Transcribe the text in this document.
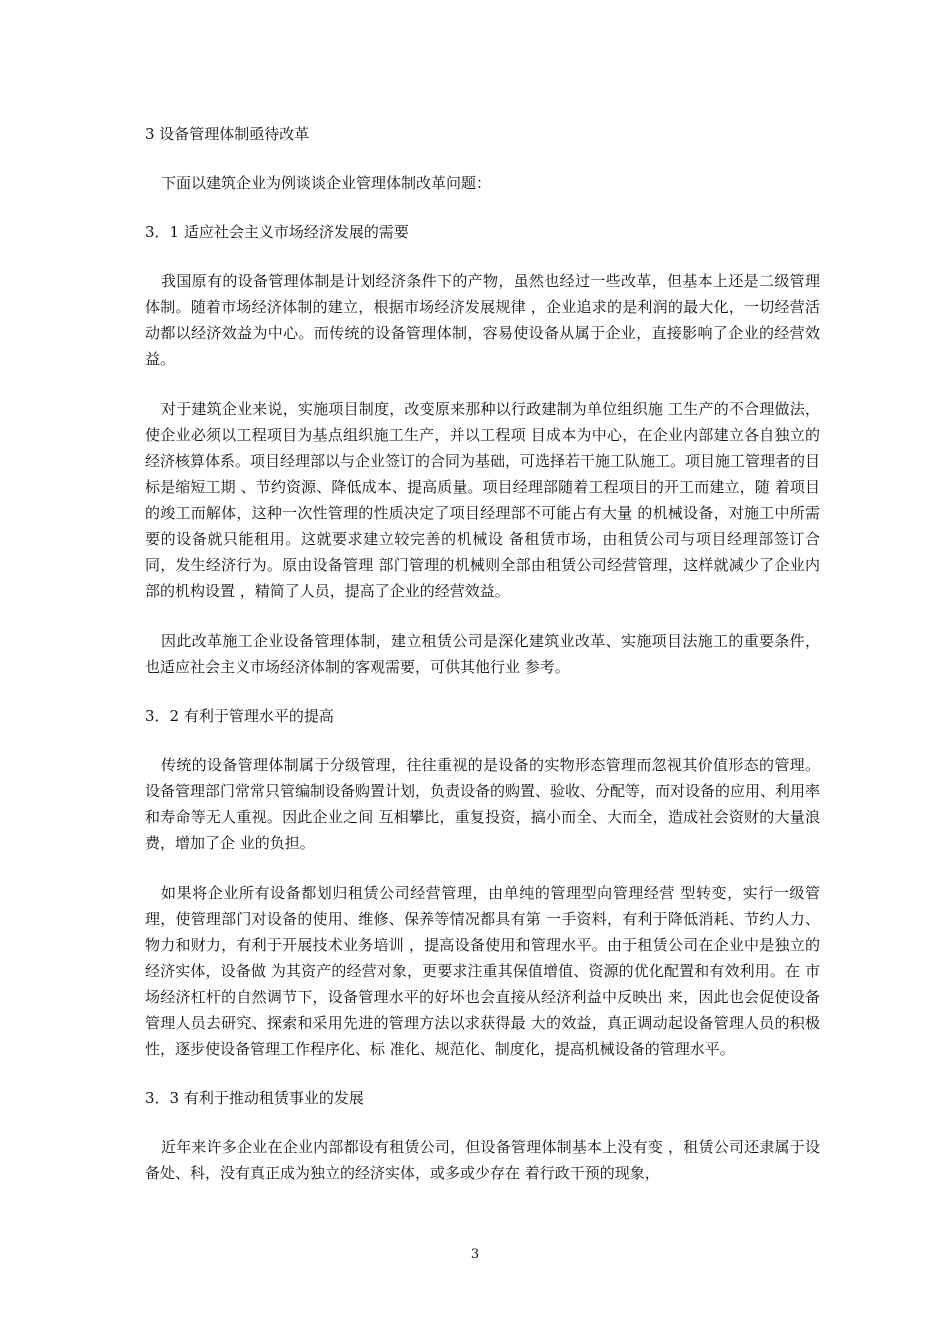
3 设备管理体制亟待改革

下面以建筑企业为例谈谈企业管理体制改革问题：

3．1 适应社会主义市场经济发展的需要

我国原有的设备管理体制是计划经济条件下的产物，虽然也经过一些改革，但基本上还是二级管理体制。随着市场经济体制的建立，根据市场经济发展规律 ，企业追求的是利润的最大化，一切经营活动都以经济效益为中心。而传统的设备管理体制，容易使设备从属于企业，直接影响了企业的经营效益。

对于建筑企业来说，实施项目制度，改变原来那种以行政建制为单位组织施 工生产的不合理做法，使企业必须以工程项目为基点组织施工生产，并以工程项 目成本为中心，在企业内部建立各自独立的经济核算体系。项目经理部以与企业签订的合同为基础，可选择若干施工队施工。项目施工管理者的目标是缩短工期 、节约资源、降低成本、提高质量。项目经理部随着工程项目的开工而建立，随 着项目的竣工而解体，这种一次性管理的性质决定了项目经理部不可能占有大量 的机械设备，对施工中所需要的设备就只能租用。这就要求建立较完善的机械设 备租赁市场，由租赁公司与项目经理部签订合同，发生经济行为。原由设备管理 部门管理的机械则全部由租赁公司经营管理，这样就减少了企业内部的机构设置 ，精简了人员，提高了企业的经营效益。

因此改革施工企业设备管理体制，建立租赁公司是深化建筑业改革、实施项目法施工的重要条件，也适应社会主义市场经济体制的客观需要，可供其他行业 参考。

3．2 有利于管理水平的提高

传统的设备管理体制属于分级管理，往往重视的是设备的实物形态管理而忽视其价值形态的管理。设备管理部门常常只管编制设备购置计划，负责设备的购置、验收、分配等，而对设备的应用、利用率和寿命等无人重视。因此企业之间 互相攀比，重复投资，搞小而全、大而全，造成社会资财的大量浪费，增加了企 业的负担。

如果将企业所有设备都划归租赁公司经营管理，由单纯的管理型向管理经营 型转变，实行一级管理，使管理部门对设备的使用、维修、保养等情况都具有第 一手资料，有利于降低消耗、节约人力、物力和财力，有利于开展技术业务培训 ，提高设备使用和管理水平。由于租赁公司在企业中是独立的经济实体，设备做 为其资产的经营对象，更要求注重其保值增值、资源的优化配置和有效利用。在 市场经济杠杆的自然调节下，设备管理水平的好坏也会直接从经济利益中反映出 来，因此也会促使设备管理人员去研究、探索和采用先进的管理方法以求获得最 大的效益，真正调动起设备管理人员的积极性，逐步使设备管理工作程序化、标 准化、规范化、制度化，提高机械设备的管理水平。

3．3 有利于推动租赁事业的发展

近年来许多企业在企业内部都设有租赁公司，但设备管理体制基本上没有变 ，租赁公司还隶属于设备处、科，没有真正成为独立的经济实体，或多或少存在 着行政干预的现象，

3
